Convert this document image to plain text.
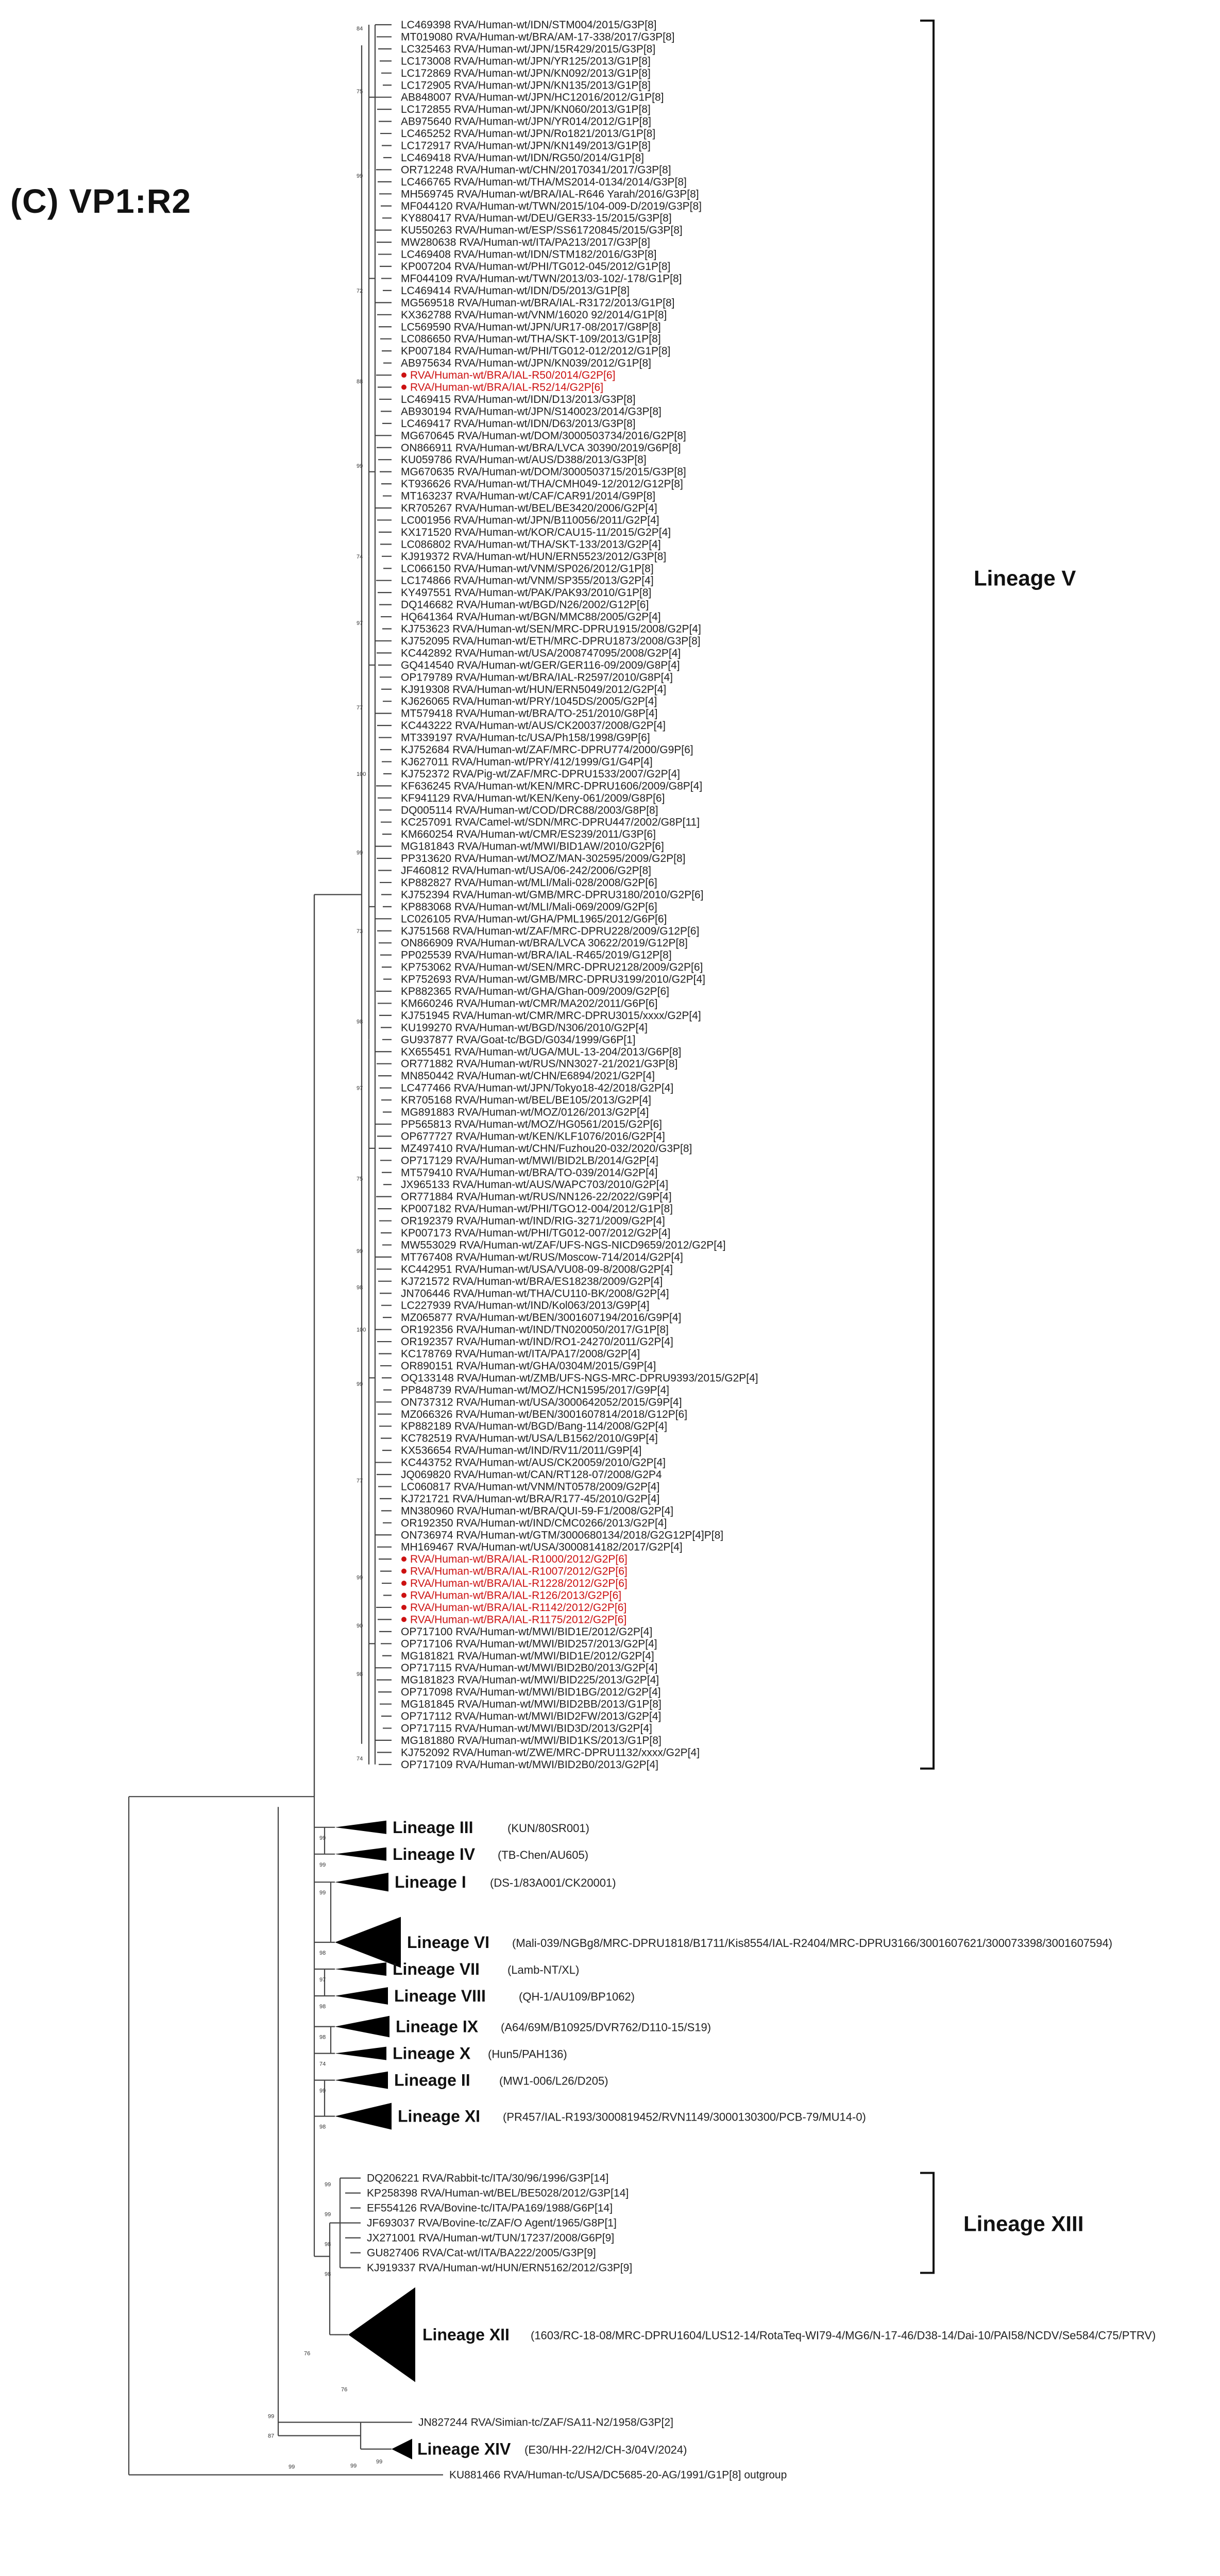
(C) VP1:R2
LC469398 RVA/Human-wt/IDN/STM004/2015/G3P[8]
MT019080 RVA/Human-wt/BRA/AM-17-338/2017/G3P[8]
LC325463 RVA/Human-wt/JPN/15R429/2015/G3P[8]
LC173008 RVA/Human-wt/JPN/YR125/2013/G1P[8]
LC172869 RVA/Human-wt/JPN/KN092/2013/G1P[8]
LC172905 RVA/Human-wt/JPN/KN135/2013/G1P[8]
AB848007 RVA/Human-wt/JPN/HC12016/2012/G1P[8]
LC172855 RVA/Human-wt/JPN/KN060/2013/G1P[8]
AB975640 RVA/Human-wt/JPN/YR014/2012/G1P[8]
LC465252 RVA/Human-wt/JPN/Ro1821/2013/G1P[8]
LC172917 RVA/Human-wt/JPN/KN149/2013/G1P[8]
LC469418 RVA/Human-wt/IDN/RG50/2014/G1P[8]
OR712248 RVA/Human-wt/CHN/20170341/2017/G3P[8]
LC466765 RVA/Human-wt/THA/MS2014-0134/2014/G3P[8]
MH569745 RVA/Human-wt/BRA/IAL-R646 Yarah/2016/G3P[8]
MF044120 RVA/Human-wt/TWN/2015/104-009-D/2019/G3P[8]
KY880417 RVA/Human-wt/DEU/GER33-15/2015/G3P[8]
KU550263 RVA/Human-wt/ESP/SS61720845/2015/G3P[8]
MW280638 RVA/Human-wt/ITA/PA213/2017/G3P[8]
LC469408 RVA/Human-wt/IDN/STM182/2016/G3P[8]
KP007204 RVA/Human-wt/PHI/TG012-045/2012/G1P[8]
MF044109 RVA/Human-wt/TWN/2013/03-102/-178/G1P[8]
LC469414 RVA/Human-wt/IDN/D5/2013/G1P[8]
MG569518 RVA/Human-wt/BRA/IAL-R3172/2013/G1P[8]
KX362788 RVA/Human-wt/VNM/16020 92/2014/G1P[8]
LC569590 RVA/Human-wt/JPN/UR17-08/2017/G8P[8]
LC086650 RVA/Human-wt/THA/SKT-109/2013/G1P[8]
KP007184 RVA/Human-wt/PHI/TG012-012/2012/G1P[8]
AB975634 RVA/Human-wt/JPN/KN039/2012/G1P[8]
RVA/Human-wt/BRA/IAL-R50/2014/G2P[6]
RVA/Human-wt/BRA/IAL-R52/14/G2P[6]
LC469415 RVA/Human-wt/IDN/D13/2013/G3P[8]
AB930194 RVA/Human-wt/JPN/S140023/2014/G3P[8]
LC469417 RVA/Human-wt/IDN/D63/2013/G3P[8]
MG670645 RVA/Human-wt/DOM/3000503734/2016/G2P[8]
ON866911 RVA/Human-wt/BRA/LVCA 30390/2019/G6P[8]
KU059786 RVA/Human-wt/AUS/D388/2013/G3P[8]
MG670635 RVA/Human-wt/DOM/3000503715/2015/G3P[8]
KT936626 RVA/Human-wt/THA/CMH049-12/2012/G12P[8]
MT163237 RVA/Human-wt/CAF/CAR91/2014/G9P[8]
KR705267 RVA/Human-wt/BEL/BE3420/2006/G2P[4]
LC001956 RVA/Human-wt/JPN/B110056/2011/G2P[4]
KX171520 RVA/Human-wt/KOR/CAU15-11/2015/G2P[4]
LC086802 RVA/Human-wt/THA/SKT-133/2013/G2P[4]
KJ919372 RVA/Human-wt/HUN/ERN5523/2012/G3P[8]
LC066150 RVA/Human-wt/VNM/SP026/2012/G1P[8]
LC174866 RVA/Human-wt/VNM/SP355/2013/G2P[4]
KY497551 RVA/Human-wt/PAK/PAK93/2010/G1P[8]
DQ146682 RVA/Human-wt/BGD/N26/2002/G12P[6]
HQ641364 RVA/Human-wt/BGN/MMC88/2005/G2P[4]
KJ753623 RVA/Human-wt/SEN/MRC-DPRU1915/2008/G2P[4]
KJ752095 RVA/Human-wt/ETH/MRC-DPRU1873/2008/G3P[8]
KC442892 RVA/Human-wt/USA/2008747095/2008/G2P[4]
GQ414540 RVA/Human-wt/GER/GER116-09/2009/G8P[4]
OP179789 RVA/Human-wt/BRA/IAL-R2597/2010/G8P[4]
KJ919308 RVA/Human-wt/HUN/ERN5049/2012/G2P[4]
KJ626065 RVA/Human-wt/PRY/1045DS/2005/G2P[4]
MT579418 RVA/Human-wt/BRA/TO-251/2010/G8P[4]
KC443222 RVA/Human-wt/AUS/CK20037/2008/G2P[4]
MT339197 RVA/Human-tc/USA/Ph158/1998/G9P[6]
KJ752684 RVA/Human-wt/ZAF/MRC-DPRU774/2000/G9P[6]
KJ627011 RVA/Human-wt/PRY/412/1999/G1/G4P[4]
KJ752372 RVA/Pig-wt/ZAF/MRC-DPRU1533/2007/G2P[4]
KF636245 RVA/Human-wt/KEN/MRC-DPRU1606/2009/G8P[4]
KF941129 RVA/Human-wt/KEN/Keny-061/2009/G8P[6]
DQ005114 RVA/Human-wt/COD/DRC88/2003/G8P[8]
KC257091 RVA/Camel-wt/SDN/MRC-DPRU447/2002/G8P[11]
KM660254 RVA/Human-wt/CMR/ES239/2011/G3P[6]
MG181843 RVA/Human-wt/MWI/BID1AW/2010/G2P[6]
PP313620 RVA/Human-wt/MOZ/MAN-302595/2009/G2P[8]
JF460812 RVA/Human-wt/USA/06-242/2006/G2P[8]
KP882827 RVA/Human-wt/MLI/Mali-028/2008/G2P[6]
KJ752394 RVA/Human-wt/GMB/MRC-DPRU3180/2010/G2P[6]
KP883068 RVA/Human-wt/MLI/Mali-069/2009/G2P[6]
LC026105 RVA/Human-wt/GHA/PML1965/2012/G6P[6]
KJ751568 RVA/Human-wt/ZAF/MRC-DPRU228/2009/G12P[6]
ON866909 RVA/Human-wt/BRA/LVCA 30622/2019/G12P[8]
PP025539 RVA/Human-wt/BRA/IAL-R465/2019/G12P[8]
KP753062 RVA/Human-wt/SEN/MRC-DPRU2128/2009/G2P[6]
KP752693 RVA/Human-wt/GMB/MRC-DPRU3199/2010/G2P[4]
KP882365 RVA/Human-wt/GHA/Ghan-009/2009/G2P[6]
KM660246 RVA/Human-wt/CMR/MA202/2011/G6P[6]
KJ751945 RVA/Human-wt/CMR/MRC-DPRU3015/xxxx/G2P[4]
KU199270 RVA/Human-wt/BGD/N306/2010/G2P[4]
GU937877 RVA/Goat-tc/BGD/G034/1999/G6P[1]
KX655451 RVA/Human-wt/UGA/MUL-13-204/2013/G6P[8]
OR771882 RVA/Human-wt/RUS/NN3027-21/2021/G3P[8]
MN850442 RVA/Human-wt/CHN/E6894/2021/G2P[4]
LC477466 RVA/Human-wt/JPN/Tokyo18-42/2018/G2P[4]
KR705168 RVA/Human-wt/BEL/BE105/2013/G2P[4]
MG891883 RVA/Human-wt/MOZ/0126/2013/G2P[4]
PP565813 RVA/Human-wt/MOZ/HG0561/2015/G2P[6]
OP677727 RVA/Human-wt/KEN/KLF1076/2016/G2P[4]
MZ497410 RVA/Human-wt/CHN/Fuzhou20-032/2020/G3P[8]
OP717129 RVA/Human-wt/MWI/BID2LB/2014/G2P[4]
MT579410 RVA/Human-wt/BRA/TO-039/2014/G2P[4]
JX965133 RVA/Human-wt/AUS/WAPC703/2010/G2P[4]
OR771884 RVA/Human-wt/RUS/NN126-22/2022/G9P[4]
KP007182 RVA/Human-wt/PHI/TGO12-004/2012/G1P[8]
OR192379 RVA/Human-wt/IND/RIG-3271/2009/G2P[4]
KP007173 RVA/Human-wt/PHI/TG012-007/2012/G2P[4]
MW553029 RVA/Human-wt/ZAF/UFS-NGS-NICD9659/2012/G2P[4]
MT767408 RVA/Human-wt/RUS/Moscow-714/2014/G2P[4]
KC442951 RVA/Human-wt/USA/VU08-09-8/2008/G2P[4]
KJ721572 RVA/Human-wt/BRA/ES18238/2009/G2P[4]
JN706446 RVA/Human-wt/THA/CU110-BK/2008/G2P[4]
LC227939 RVA/Human-wt/IND/Kol063/2013/G9P[4]
MZ065877 RVA/Human-wt/BEN/3001607194/2016/G9P[4]
OR192356 RVA/Human-wt/IND/TN020050/2017/G1P[8]
OR192357 RVA/Human-wt/IND/RO1-24270/2011/G2P[4]
KC178769 RVA/Human-wt/ITA/PA17/2008/G2P[4]
OR890151 RVA/Human-wt/GHA/0304M/2015/G9P[4]
OQ133148 RVA/Human-wt/ZMB/UFS-NGS-MRC-DPRU9393/2015/G2P[4]
PP848739 RVA/Human-wt/MOZ/HCN1595/2017/G9P[4]
ON737312 RVA/Human-wt/USA/3000642052/2015/G9P[4]
MZ066326 RVA/Human-wt/BEN/3001607814/2018/G12P[6]
KP882189 RVA/Human-wt/BGD/Bang-114/2008/G2P[4]
KC782519 RVA/Human-wt/USA/LB1562/2010/G9P[4]
KX536654 RVA/Human-wt/IND/RV11/2011/G9P[4]
KC443752 RVA/Human-wt/AUS/CK20059/2010/G2P[4]
JQ069820 RVA/Human-wt/CAN/RT128-07/2008/G2P4
LC060817 RVA/Human-wt/VNM/NT0578/2009/G2P[4]
KJ721721 RVA/Human-wt/BRA/R177-45/2010/G2P[4]
MN380960 RVA/Human-wt/BRA/QUI-59-F1/2008/G2P[4]
OR192350 RVA/Human-wt/IND/CMC0266/2013/G2P[4]
ON736974 RVA/Human-wt/GTM/3000680134/2018/G2G12P[4]P[8]
MH169467 RVA/Human-wt/USA/3000814182/2017/G2P[4]
RVA/Human-wt/BRA/IAL-R1000/2012/G2P[6]
RVA/Human-wt/BRA/IAL-R1007/2012/G2P[6]
RVA/Human-wt/BRA/IAL-R1228/2012/G2P[6]
RVA/Human-wt/BRA/IAL-R126/2013/G2P[6]
RVA/Human-wt/BRA/IAL-R1142/2012/G2P[6]
RVA/Human-wt/BRA/IAL-R1175/2012/G2P[6]
OP717100 RVA/Human-wt/MWI/BID1E/2012/G2P[4]
OP717106 RVA/Human-wt/MWI/BID257/2013/G2P[4]
MG181821 RVA/Human-wt/MWI/BID1E/2012/G2P[4]
OP717115 RVA/Human-wt/MWI/BID2B0/2013/G2P[4]
MG181823 RVA/Human-wt/MWI/BID225/2013/G2P[4]
OP717098 RVA/Human-wt/MWI/BID1BG/2012/G2P[4]
MG181845 RVA/Human-wt/MWI/BID2BB/2013/G1P[8]
OP717112 RVA/Human-wt/MWI/BID2FW/2013/G2P[4]
OP717115 RVA/Human-wt/MWI/BID3D/2013/G2P[4]
MG181880 RVA/Human-wt/MWI/BID1KS/2013/G1P[8]
KJ752092 RVA/Human-wt/ZWE/MRC-DPRU1132/xxxx/G2P[4]
OP717109 RVA/Human-wt/MWI/BID2B0/2013/G2P[4]
84
75
99
72
88
99
74
97
77
100
99
73
98
97
75
99
98
100
99
77
99
90
98
74
Lineage V
Lineage III	(KUN/80SR001)
99
Lineage IV (TB-Chen/AU605)
99
Lineage I (DS-1/83A001/CK20001)
99
Lineage VI (Mali-039/NGBg8/MRC-DPRU1818/B1711/Kis8554/IAL-R2404/MRC-DPRU3166/3001607621/300073398/3001607594)
98
Lineage VII (Lamb-NT/XL)
97
Lineage VIII	(QH-1/AU109/BP1062)
98
Lineage IX (A64/69M/B10925/DVR762/D110-15/S19)
98
Lineage X (Hun5/PAH136)
74
Lineage II	(MW1-006/L26/D205)
99
Lineage XI (PR457/IAL-R193/3000819452/RVN1149/3000130300/PCB-79/MU14-0)
98
DQ206221 RVA/Rabbit-tc/ITA/30/96/1996/G3P[14]
KP258398 RVA/Human-wt/BEL/BE5028/2012/G3P[14]
EF554126 RVA/Bovine-tc/ITA/PA169/1988/G6P[14]
JF693037 RVA/Bovine-tc/ZAF/O Agent/1965/G8P[1]
JX271001 RVA/Human-wt/TUN/17237/2008/G6P[9]
GU827406 RVA/Cat-wt/ITA/BA222/2005/G3P[9]
KJ919337 RVA/Human-wt/HUN/ERN5162/2012/G3P[9]
99
99
98
98
Lineage XIII
Lineage XII (1603/RC-18-08/MRC-DPRU1604/LUS12-14/RotaTeq-WI79-4/MG6/N-17-46/D38-14/Dai-10/PAI58/NCDV/Se584/C75/PTRV)
76
JN827244 RVA/Simian-tc/ZAF/SA11-N2/1958/G3P[2]
Lineage XIV (E30/HH-22/H2/CH-3/04V/2024)
99
KU881466 RVA/Human-tc/USA/DC5685-20-AG/1991/G1P[8] outgroup
99
87
76
99
99
